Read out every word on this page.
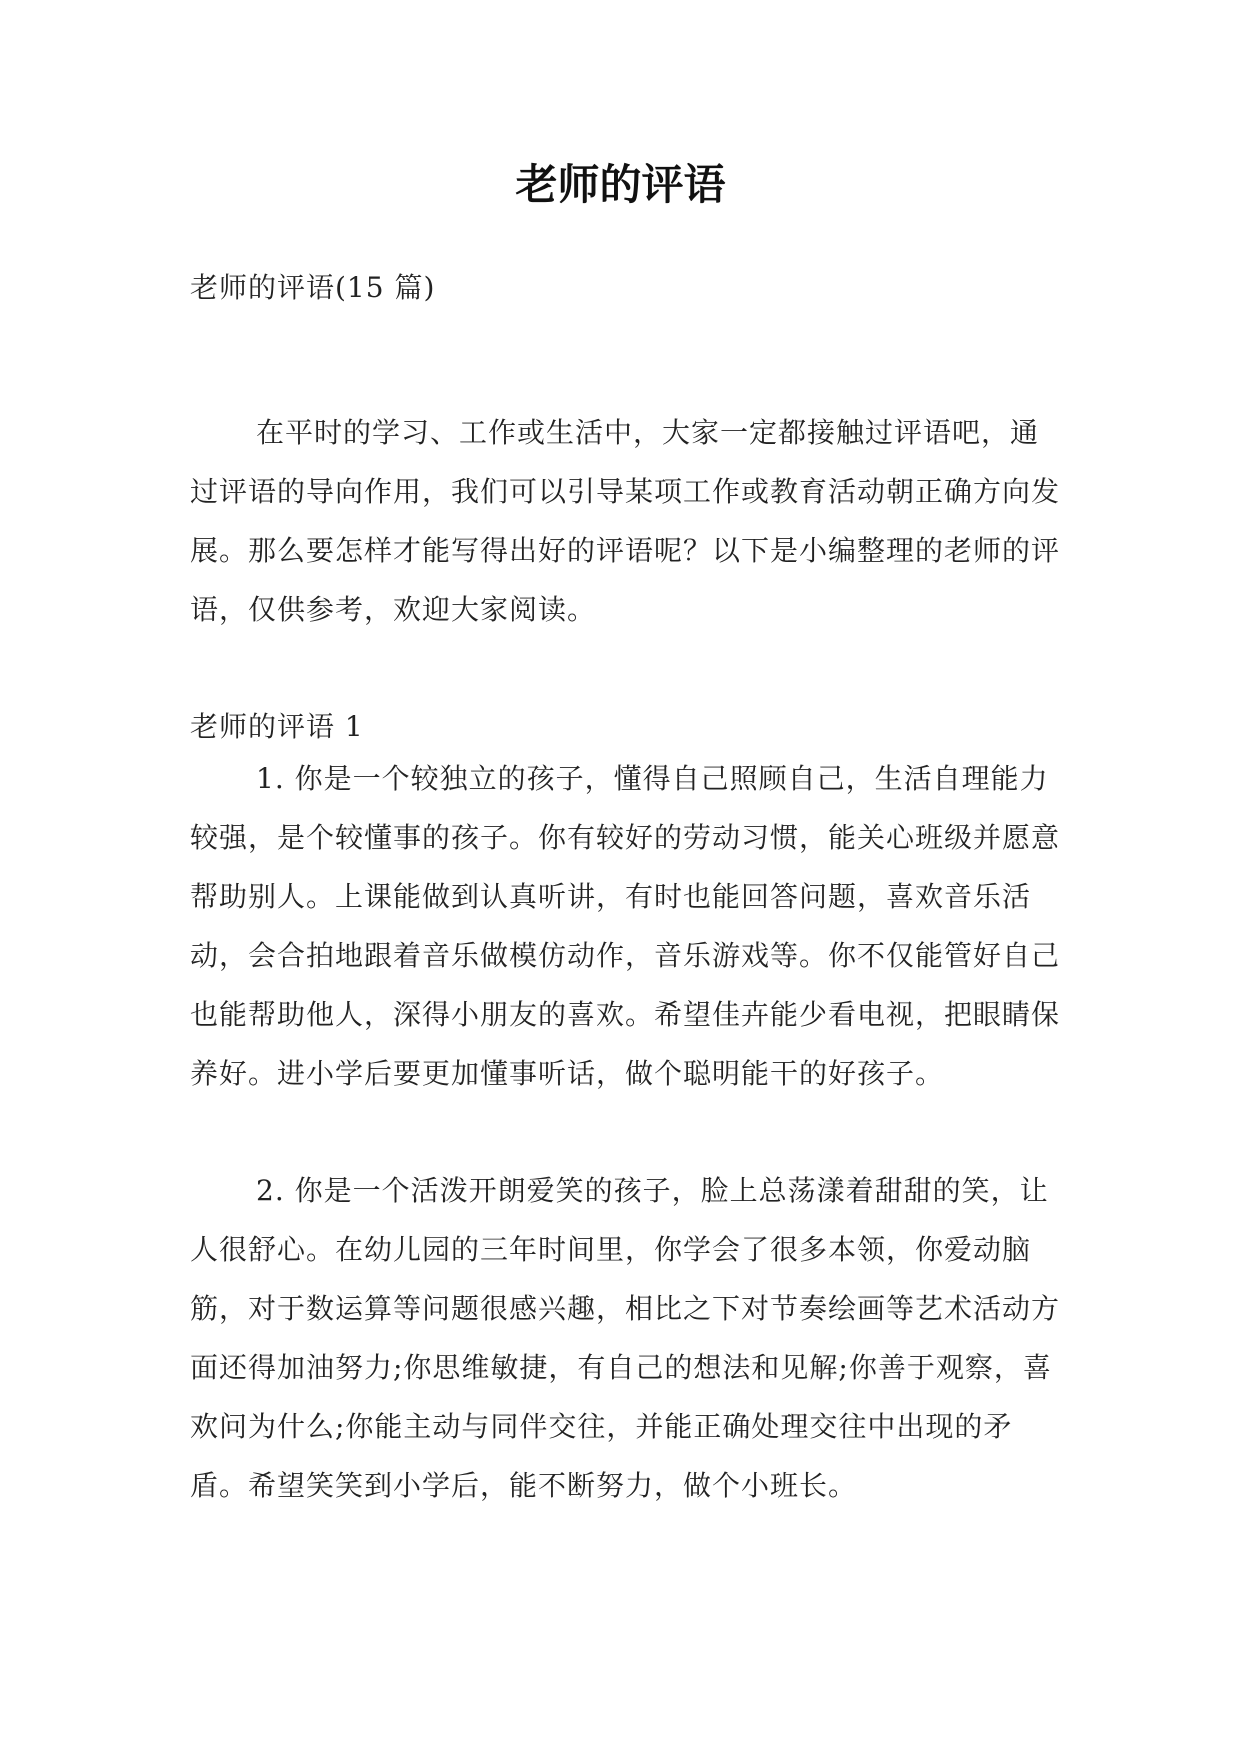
老师的评语

老师的评语(15 篇)

在平时的学习、工作或生活中，大家一定都接触过评语吧，通过评语的导向作用，我们可以引导某项工作或教育活动朝正确方向发展。那么要怎样才能写得出好的评语呢？以下是小编整理的老师的评语，仅供参考，欢迎大家阅读。

老师的评语 1

1. 你是一个较独立的孩子，懂得自己照顾自己，生活自理能力较强，是个较懂事的孩子。你有较好的劳动习惯，能关心班级并愿意帮助别人。上课能做到认真听讲，有时也能回答问题，喜欢音乐活动，会合拍地跟着音乐做模仿动作，音乐游戏等。你不仅能管好自己也能帮助他人，深得小朋友的喜欢。希望佳卉能少看电视，把眼睛保养好。进小学后要更加懂事听话，做个聪明能干的好孩子。

2. 你是一个活泼开朗爱笑的孩子，脸上总荡漾着甜甜的笑，让人很舒心。在幼儿园的三年时间里，你学会了很多本领，你爱动脑筋，对于数运算等问题很感兴趣，相比之下对节奏绘画等艺术活动方面还得加油努力;你思维敏捷，有自己的想法和见解;你善于观察，喜欢问为什么;你能主动与同伴交往，并能正确处理交往中出现的矛盾。希望笑笑到小学后，能不断努力，做个小班长。
